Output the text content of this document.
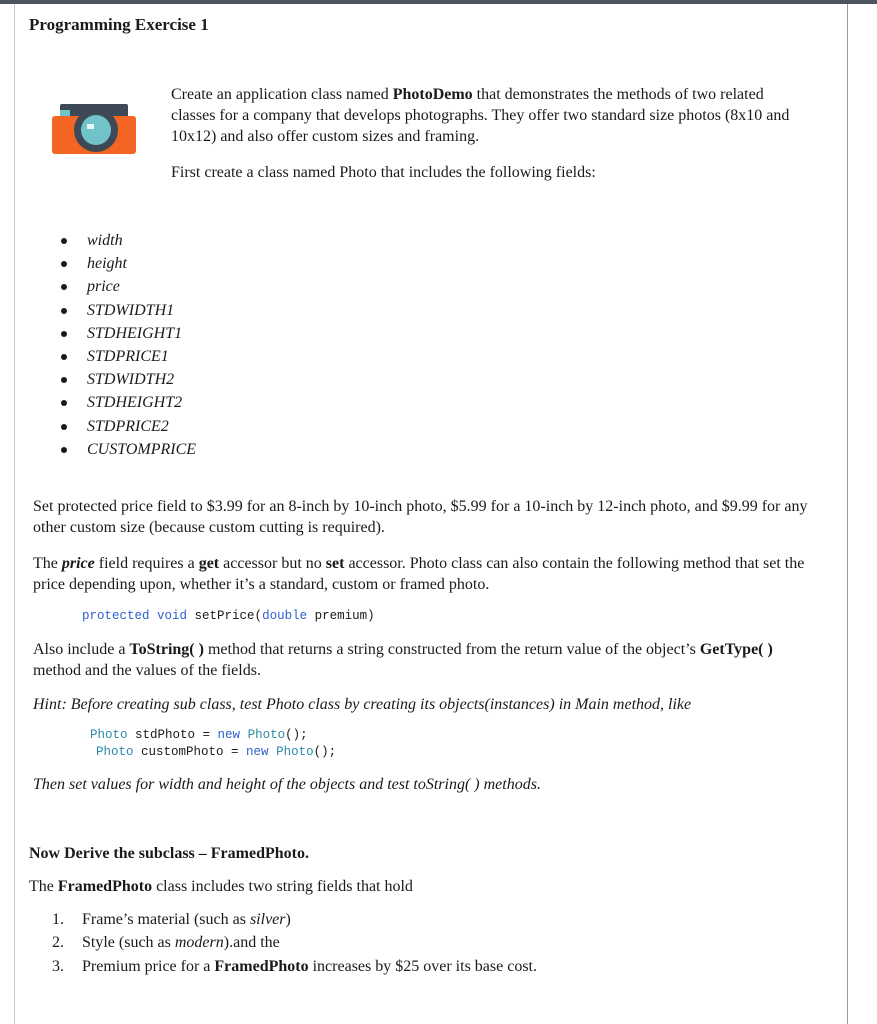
Programming Exercise 1

Create an application class named PhotoDemo that demonstrates the methods of two related classes for a company that develops photographs. They offer two standard size photos (8x10 and 10x12) and also offer custom sizes and framing.

First create a class named Photo that includes the following fields:

width
height
price
STDWIDTH1
STDHEIGHT1
STDPRICE1
STDWIDTH2
STDHEIGHT2
STDPRICE2
CUSTOMPRICE

Set protected price field to $3.99 for an 8-inch by 10-inch photo, $5.99 for a 10-inch by 12-inch photo, and $9.99 for any other custom size (because custom cutting is required).

The price field requires a get accessor but no set accessor. Photo class can also contain the following method that set the price depending upon, whether it’s a standard, custom or framed photo.

protected void setPrice(double premium)

Also include a ToString( ) method that returns a string constructed from the return value of the object’s GetType( ) method and the values of the fields.

Hint: Before creating sub class, test Photo class by creating its objects(instances) in Main method, like

Photo stdPhoto = new Photo();
Photo customPhoto = new Photo();

Then set values for width and height of the objects and test toString( ) methods.

Now Derive the subclass – FramedPhoto.

The FramedPhoto class includes two string fields that hold

1. Frame’s material (such as silver)
2. Style (such as modern).and the
3. Premium price for a FramedPhoto increases by $25 over its base cost.
